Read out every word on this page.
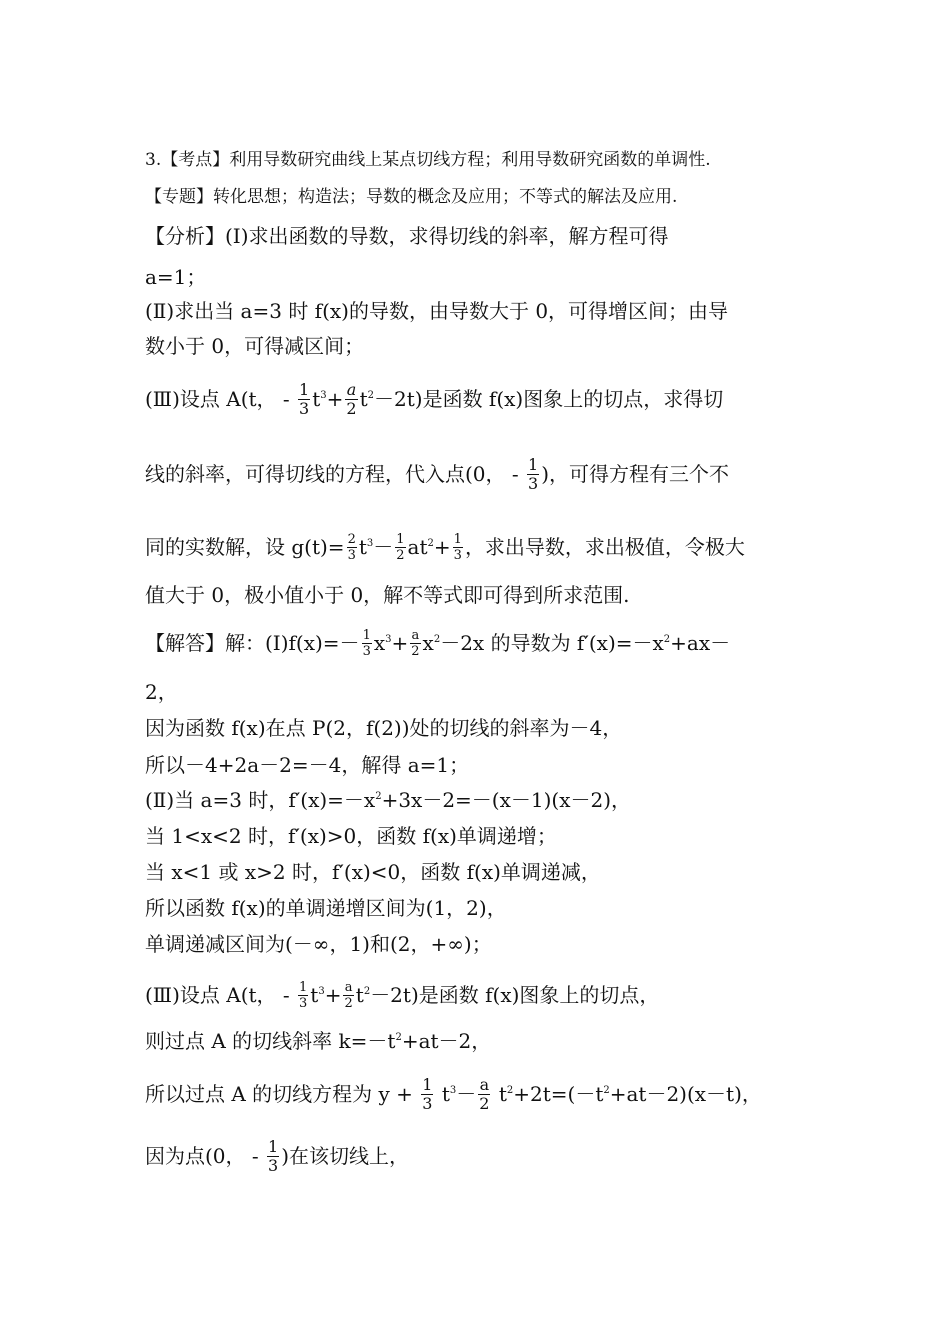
3.【考点】利用导数研究曲线上某点切线方程；利用导数研究函数的单调性.
【专题】转化思想；构造法；导数的概念及应用；不等式的解法及应用.
【分析】(Ⅰ)求出函数的导数，求得切线的斜率，解方程可得
a=1；
(Ⅱ)求出当 a=3 时 f(x)的导数，由导数大于 0，可得增区间；由导
数小于 0，可得减区间；
(Ⅲ)设点 A(t， - $\frac{1}{3} t^3+ \frac{a}{2} t^2-2t$)是函数 f(x)图象上的切点，求得切
线的斜率，可得切线的方程，代入点(0， - $\frac{1}{3}$ )，可得方程有三个不
同的实数解，设 $g(t)= \frac{2}{3} t^3- \frac{1}{2} at^2+ \frac{1}{3}$ ，求出导数，求出极值，令极大
值大于 0，极小值小于 0，解不等式即可得到所求范围.
【解答】解：(Ⅰ)f(x)=－ $\frac{1}{3} x^3+ \frac{a}{2} x^2-2x$ 的导数为 $f'(x)=-x^2+ax-$
2，
因为函数 f(x)在点 P(2，f(2))处的切线的斜率为－4，
所以－4+2a－2=－4，解得 a=1；
(Ⅱ)当 a=3 时，$f'(x)=-x^2+3x-2=-(x-1)(x-2)$，
当 1<x<2 时，f′(x)>0，函数 f(x)单调递增；
当 x<1 或 x>2 时，f′(x)<0，函数 f(x)单调递减，
所以函数 f(x)的单调递增区间为(1，2)，
单调递减区间为(－∞，1)和(2，+∞)；
(Ⅲ)设点 A(t， - $\frac{1}{3} t^3+ \frac{a}{2} t^2-2t$)是函数 f(x)图象上的切点，
则过点 A 的切线斜率 $k=-t^2+at-2$，
所以过点 A 的切线方程为 $y + \frac{1}{3} t^3- \frac{a}{2} t^2+2t=(-t^2+at-2)(x-t)$，
因为点(0， - $\frac{1}{3}$ )在该切线上，
